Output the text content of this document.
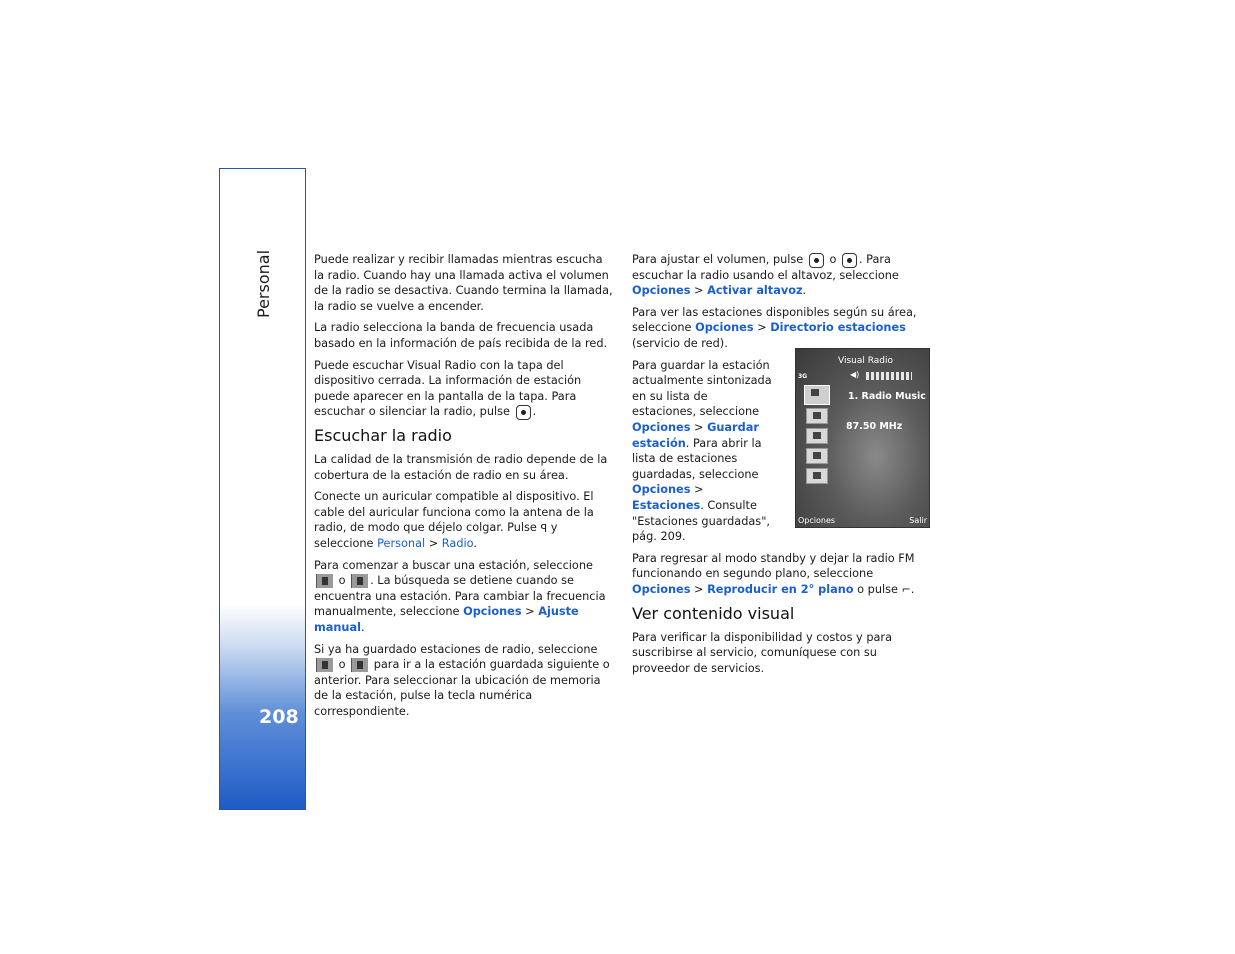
Personal
208

Puede realizar y recibir llamadas mientras escucha la radio. Cuando hay una llamada activa el volumen de la radio se desactiva. Cuando termina la llamada, la radio se vuelve a encender.

La radio selecciona la banda de frecuencia usada basado en la información de país recibida de la red.

Puede escuchar Visual Radio con la tapa del dispositivo cerrada. La información de estación puede aparecer en la pantalla de la tapa. Para escuchar o silenciar la radio, pulse .

Escuchar la radio

La calidad de la transmisión de radio depende de la cobertura de la estación de radio en su área.

Conecte un auricular compatible al dispositivo. El cable del auricular funciona como la antena de la radio, de modo que déjelo colgar. Pulse ꟼ y seleccione Personal > Radio.

Para comenzar a buscar una estación, seleccione  o . La búsqueda se detiene cuando se encuentra una estación. Para cambiar la frecuencia manualmente, seleccione Opciones > Ajuste manual.

Si ya ha guardado estaciones de radio, seleccione  o para ir a la estación guardada siguiente o anterior. Para seleccionar la ubicación de memoria de la estación, pulse la tecla numérica correspondiente.

Para ajustar el volumen, pulse o . Para escuchar la radio usando el altavoz, seleccione Opciones > Activar altavoz.

Para ver las estaciones disponibles según su área, seleccione Opciones > Directorio estaciones (servicio de red).

Para guardar la estación actualmente sintonizada en su lista de estaciones, seleccione Opciones > Guardar estación. Para abrir la lista de estaciones guardadas, seleccione Opciones > Estaciones. Consulte "Estaciones guardadas", pág. 209.

Para regresar al modo standby y dejar la radio FM funcionando en segundo plano, seleccione Opciones > Reproducir en 2° plano o pulse ⌐.

Ver contenido visual

Para verificar la disponibilidad y costos y para suscribirse al servicio, comuníquese con su proveedor de servicios.

Visual Radio
3G	◀)
1. Radio Music
87.50 MHz
Opciones	Salir
